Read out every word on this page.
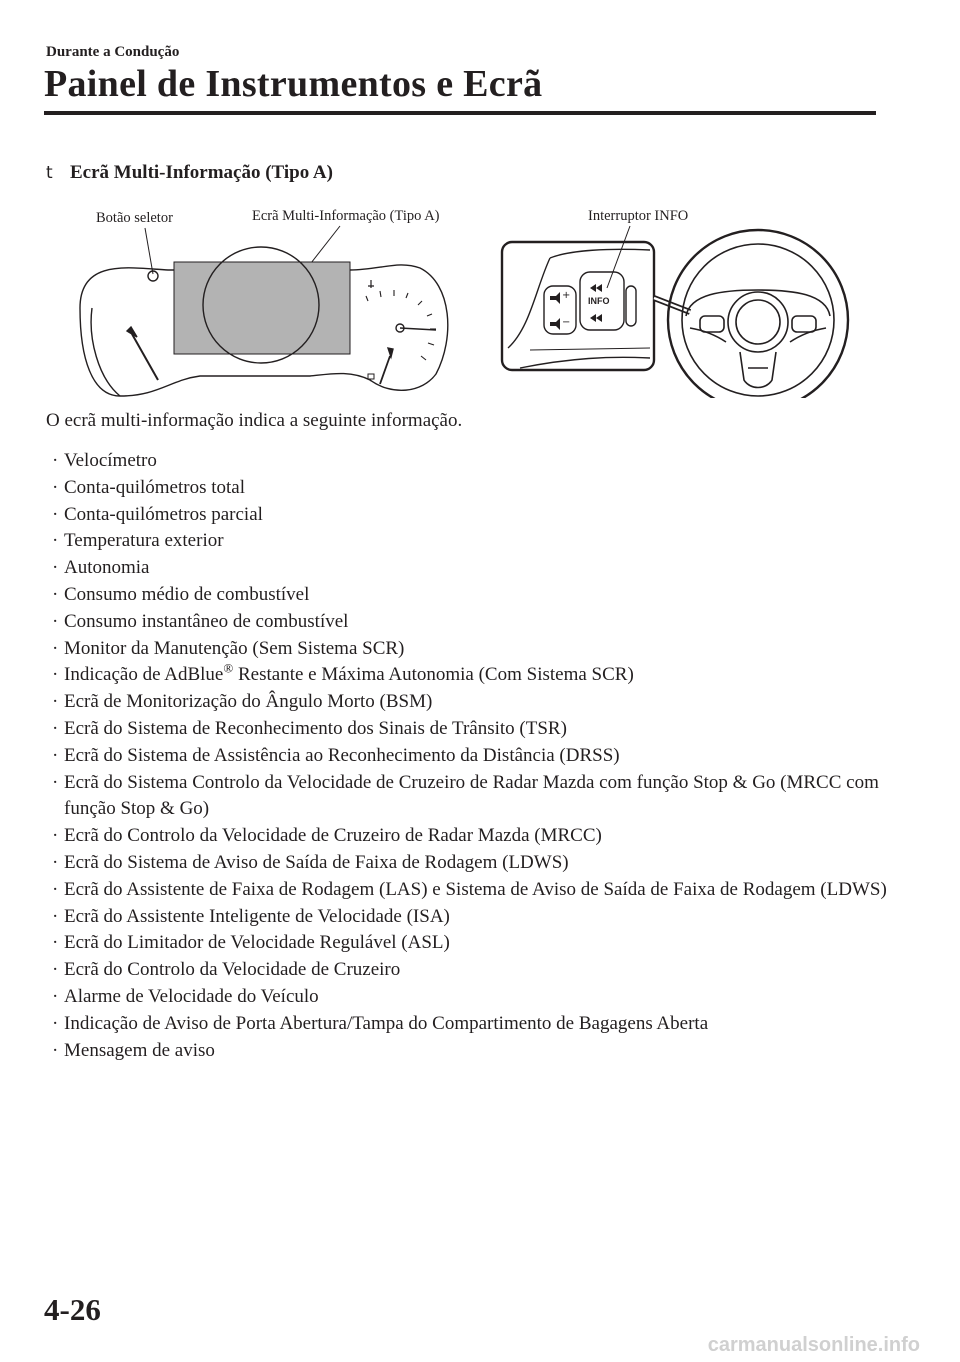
Durante a Condução
Painel de Instrumentos e Ecrã
t Ecrã Multi-Informação (Tipo A)
Botão seletor	Ecrã Multi-Informação (Tipo A)	Interruptor INFO
INFO
+
−
O ecrã multi-informação indica a seguinte informação.
· Velocímetro
· Conta-quilómetros total
· Conta-quilómetros parcial
· Temperatura exterior
· Autonomia
· Consumo médio de combustível
· Consumo instantâneo de combustível
· Monitor da Manutenção (Sem Sistema SCR)
· Indicação de AdBlue® Restante e Máxima Autonomia (Com Sistema SCR)
· Ecrã de Monitorização do Ângulo Morto (BSM)
· Ecrã do Sistema de Reconhecimento dos Sinais de Trânsito (TSR)
· Ecrã do Sistema de Assistência ao Reconhecimento da Distância (DRSS)
· Ecrã do Sistema Controlo da Velocidade de Cruzeiro de Radar Mazda com função Stop & Go (MRCC com função Stop & Go)
· Ecrã do Controlo da Velocidade de Cruzeiro de Radar Mazda (MRCC)
· Ecrã do Sistema de Aviso de Saída de Faixa de Rodagem (LDWS)
· Ecrã do Assistente de Faixa de Rodagem (LAS) e Sistema de Aviso de Saída de Faixa de Rodagem (LDWS)
· Ecrã do Assistente Inteligente de Velocidade (ISA)
· Ecrã do Limitador de Velocidade Regulável (ASL)
· Ecrã do Controlo da Velocidade de Cruzeiro
· Alarme de Velocidade do Veículo
· Indicação de Aviso de Porta Abertura/Tampa do Compartimento de Bagagens Aberta
· Mensagem de aviso
4-26
carmanualsonline.info
